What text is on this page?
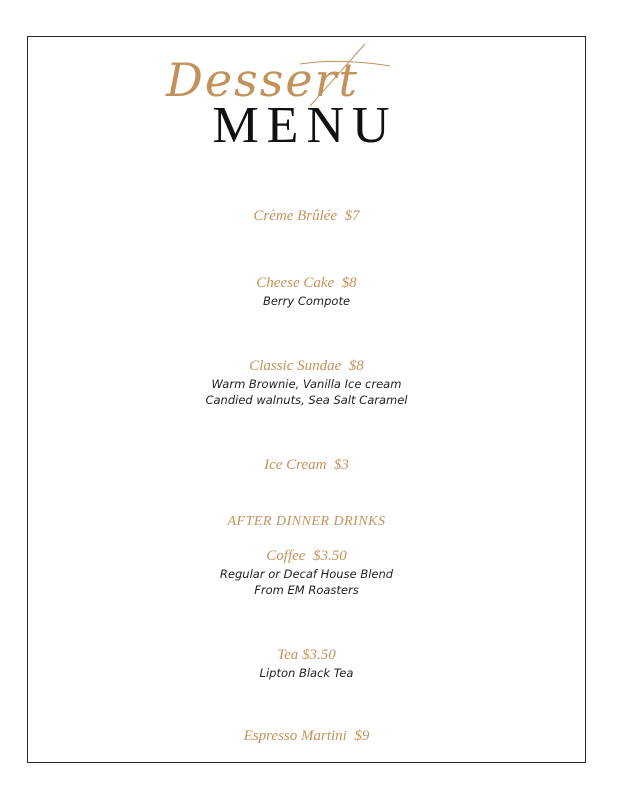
Dessert
MENU
Crème Brûlée  $7
Cheese Cake  $8
Berry Compote
Classic Sundae  $8
Warm Brownie, Vanilla Ice cream
Candied walnuts, Sea Salt Caramel
Ice Cream  $3
AFTER DINNER DRINKS
Coffee  $3.50
Regular or Decaf House Blend
From EM Roasters
Tea $3.50
Lipton Black Tea
Espresso Martini  $9
